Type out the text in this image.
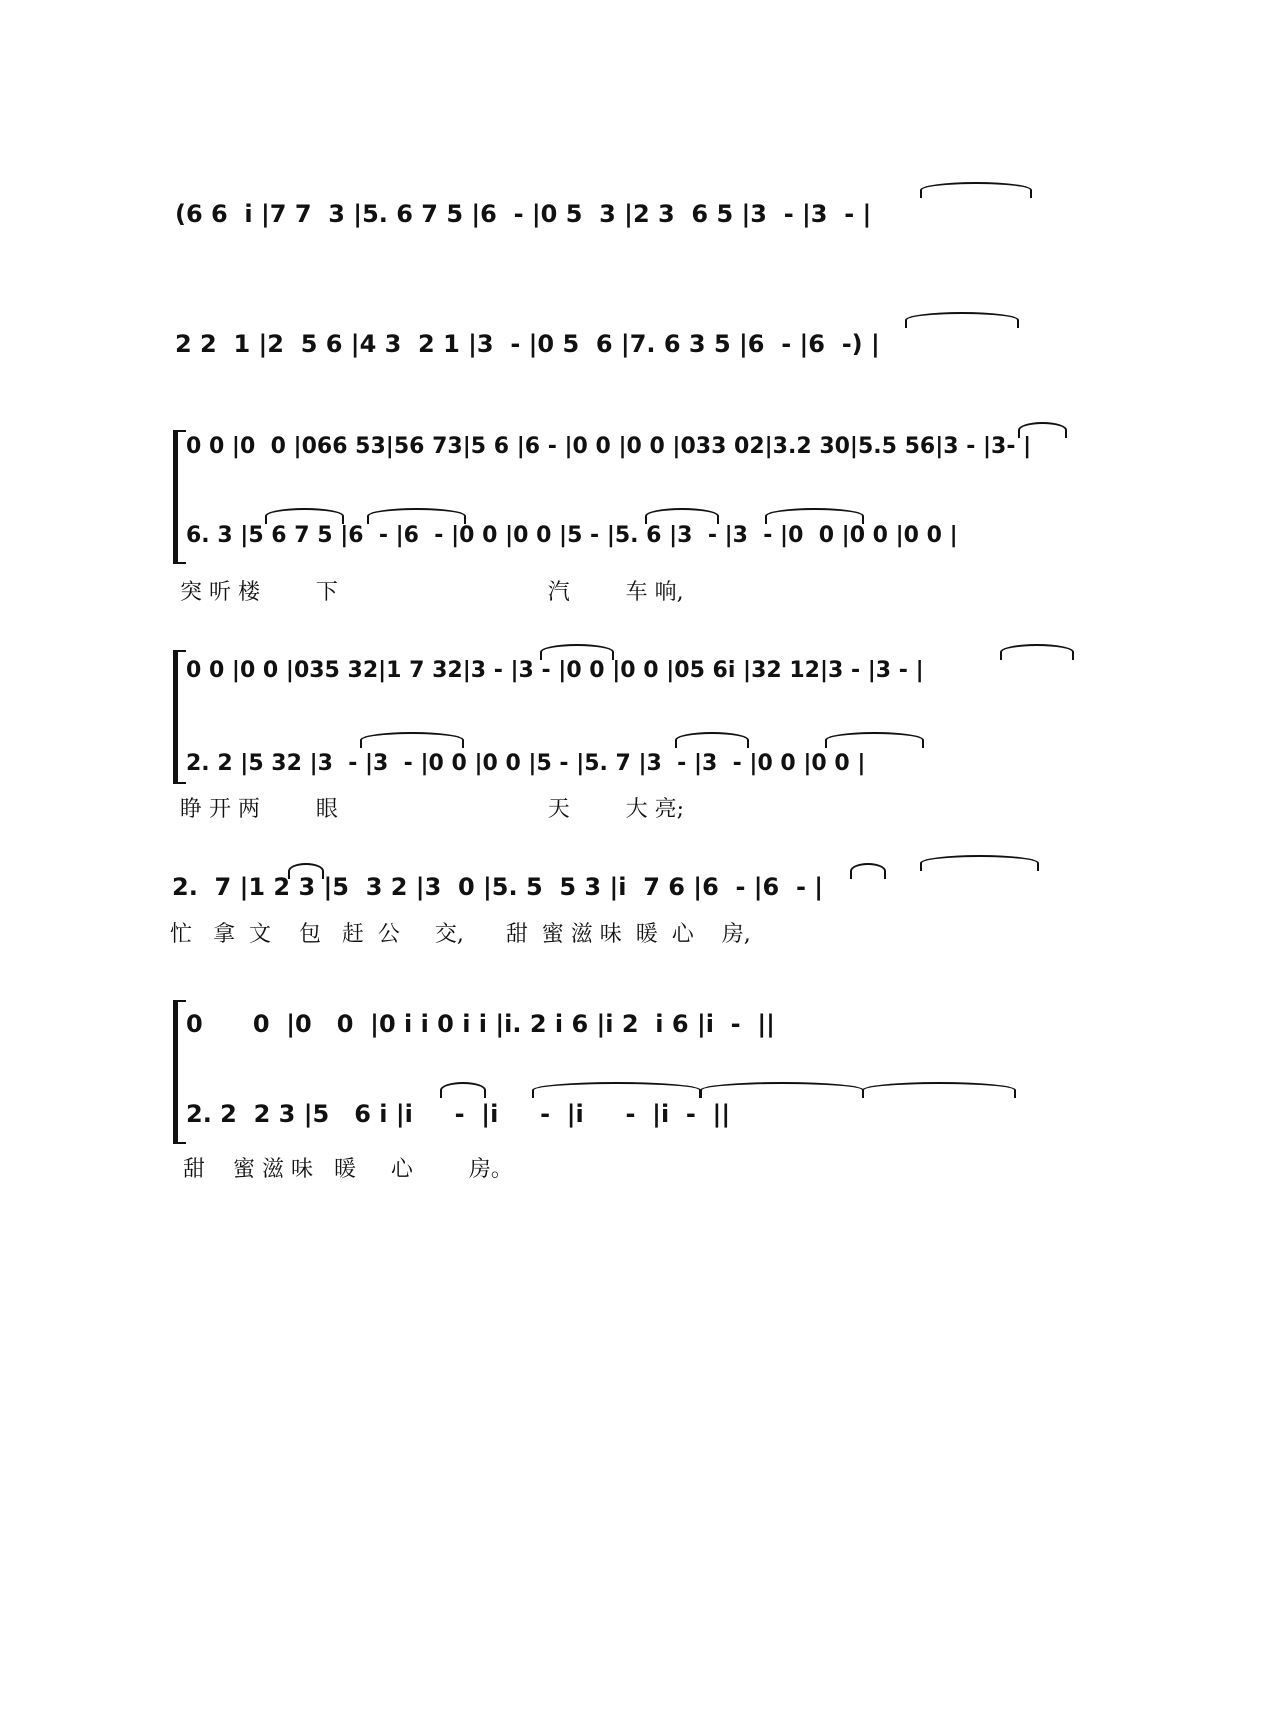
(6 6  i |7 7  3 |5. 6 7 5 |6  - |0 5  3 |2 3  6 5 |3  - |3  - |
2 2  1 |2  5 6 |4 3  2 1 |3  - |0 5  6 |7. 6 3 5 |6  - |6  -) |
0 0 |0  0 |066 53|56 73|5 6 |6 - |0 0 |0 0 |033 02|3.2 30|5.5 56|3 - |3- |
6. 3 |5 6 7 5 |6  - |6  - |0 0 |0 0 |5 - |5. 6 |3  - |3  - |0  0 |0 0 |0 0 |
突 听 楼        下                              汽        车 响,
0 0 |0 0 |035 32|1 7 32|3 - |3 - |0 0 |0 0 |05 6i |32 12|3 - |3 - |
2. 2 |5 32 |3  - |3  - |0 0 |0 0 |5 - |5. 7 |3  - |3  - |0 0 |0 0 |
睁 开 两        眼                              天        大 亮;
2.  7 |1 2 3 |5  3 2 |3  0 |5. 5  5 3 |i  7 6 |6  - |6  - |
忙   拿  文    包   赶  公     交,      甜  蜜 滋 味  暖  心    房,
0      0  |0   0  |0 i i 0 i i |i. 2 i 6 |i 2  i 6 |i  -  ||
2. 2  2 3 |5   6 i |i     -  |i     -  |i     -  |i  -  ||
甜    蜜 滋 味   暖     心        房。
